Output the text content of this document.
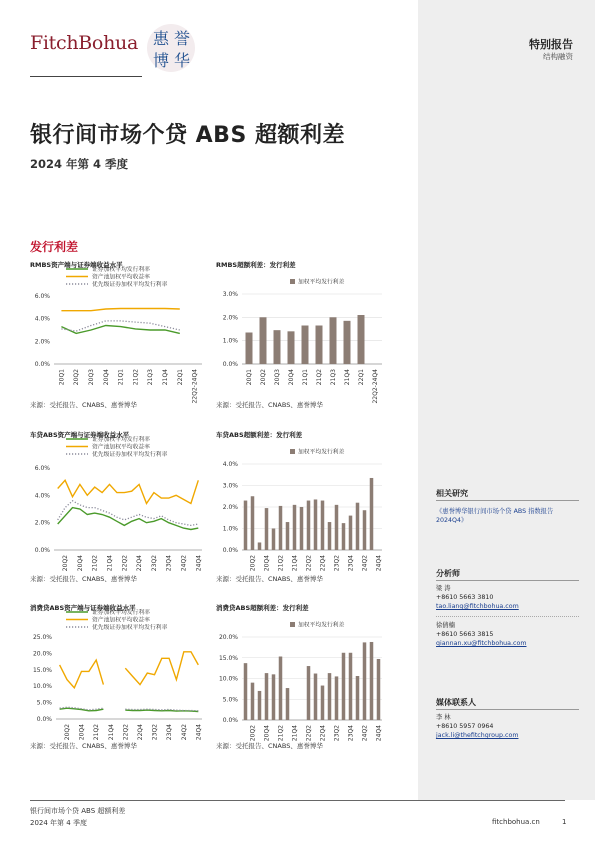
FitchBohua 惠 誉
博 华
特别报告
结构融资
银行间市场个贷 ABS 超额利差
2024 年第 4 季度
发行利差
RMBS资产端与证券端收益水平
来源：受托报告、CNABS、惠誉博华
0.0%
2.0%
4.0%
6.0%
20Q1 20Q2 20Q3 20Q4 21Q1 21Q2 21Q3 21Q4 22Q1 22Q2-24Q4
证券加权平均发行利率
资产池加权平均收益率
优先级证券加权平均发行利率
RMBS超额利差：发行利差
来源：受托报告、CNABS、惠誉博华
0.0%
1.0%
2.0%
3.0%
20Q1 20Q2 20Q3 20Q4 21Q1 21Q2 21Q3 21Q4 22Q1 22Q2-24Q4
加权平均发行利差
车贷ABS资产端与证券端收益水平
来源：受托报告、CNABS、惠誉博华
0.0%
2.0%
4.0%
6.0%
20Q2 20Q4 21Q2 21Q4 22Q2 22Q4 23Q2 23Q4 24Q2 24Q4
证券加权平均发行利率
资产池加权平均收益率
优先级证券加权平均发行利率
车贷ABS超额利差：发行利差
来源：受托报告、CNABS、惠誉博华
0.0%
1.0%
2.0%
3.0%
4.0%
20Q2 20Q4 21Q2 21Q4 22Q2 22Q4 23Q2 23Q4 24Q2 24Q4
加权平均发行利差
消费贷ABS资产端与证券端收益水平
来源：受托报告、CNABS、惠誉博华
0.0%
5.0%
10.0%
15.0%
20.0%
25.0%
20Q2 20Q4 21Q2 21Q4 22Q2 22Q4 23Q2 23Q4 24Q2 24Q4
证券加权平均发行利率
资产池加权平均收益率
优先级证券加权平均发行利率
消费贷ABS超额利差：发行利差
来源：受托报告、CNABS、惠誉博华
0.0%
5.0%
10.0%
15.0%
20.0%
20Q2 20Q4 21Q2 21Q4 22Q2 22Q4 23Q2 23Q4 24Q2 24Q4
加权平均发行利差
相关研究
《惠誉博华银行间市场个贷 ABS 指数报告 2024Q4》
分析师
梁 涛
+8610 5663 3810
tao.liang@fitchbohua.com
徐倩楠
+8610 5663 3815
qiannan.xu@fitchbohua.com
媒体联系人
李 林
+8610 5957 0964
jack.li@thefitchgroup.com
银行间市场个贷 ABS 超额利差
2024 年第 4 季度	fitchbohua.cn	1
